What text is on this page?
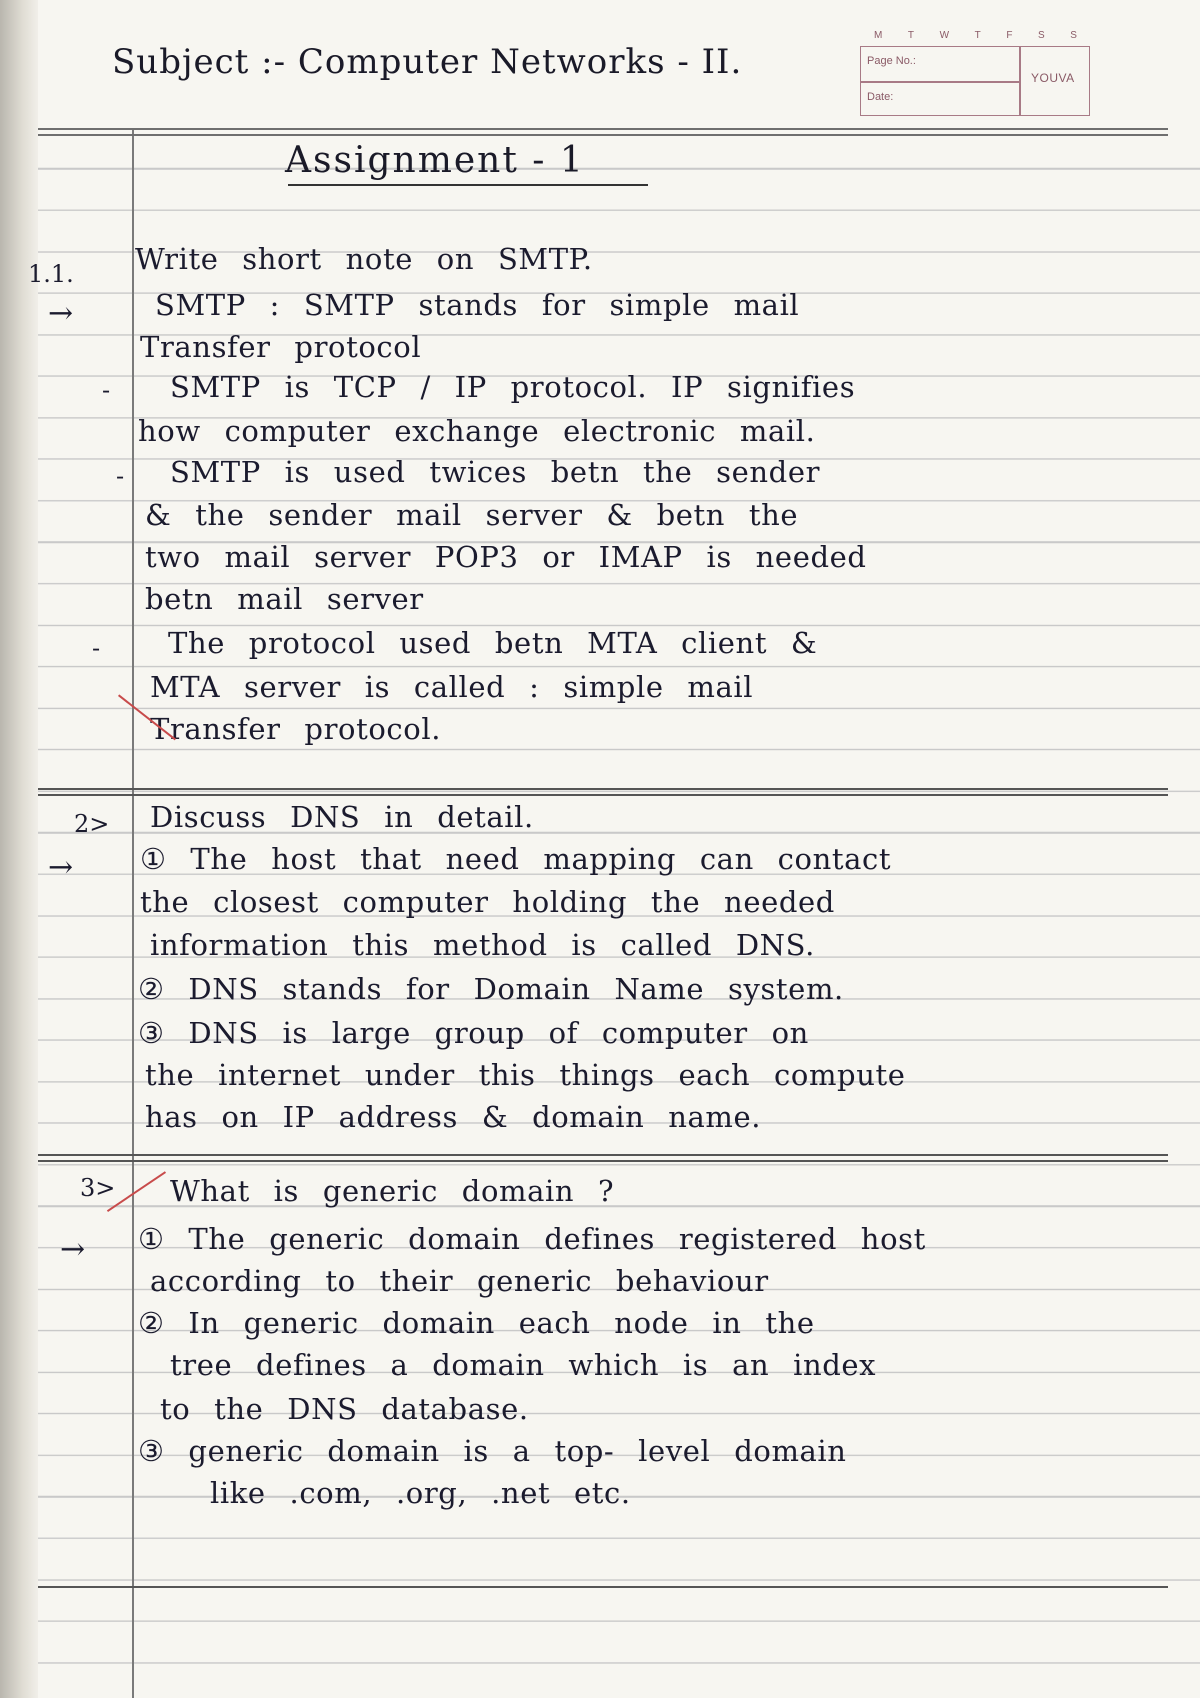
Subject :- Computer Networks - II.
M T W T F S S
Page No.:
Date:
YOUVA
Assignment - 1
1.1. Write short note on SMTP.
→	SMTP : SMTP stands for simple mail
Transfer protocol
- SMTP is TCP / IP protocol. IP signifies
how computer exchange electronic mail.
- SMTP is used twices betn the sender
& the sender mail server & betn the
two mail server POP3 or IMAP is needed
betn mail server
- The protocol used betn MTA client &
MTA server is called : simple mail
Transfer protocol.
2> Discuss DNS in detail.
→ ① The host that need mapping can contact
the closest computer holding the needed
information this method is called DNS.
② DNS stands for Domain Name system.
③ DNS is large group of computer on
the internet under this things each compute
has on IP address & domain name.
3> What is generic domain ?
→ ① The generic domain defines registered host
according to their generic behaviour
② In generic domain each node in the
tree defines a domain which is an index
to the DNS database.
③ generic domain is a top- level domain
like .com, .org, .net etc.
